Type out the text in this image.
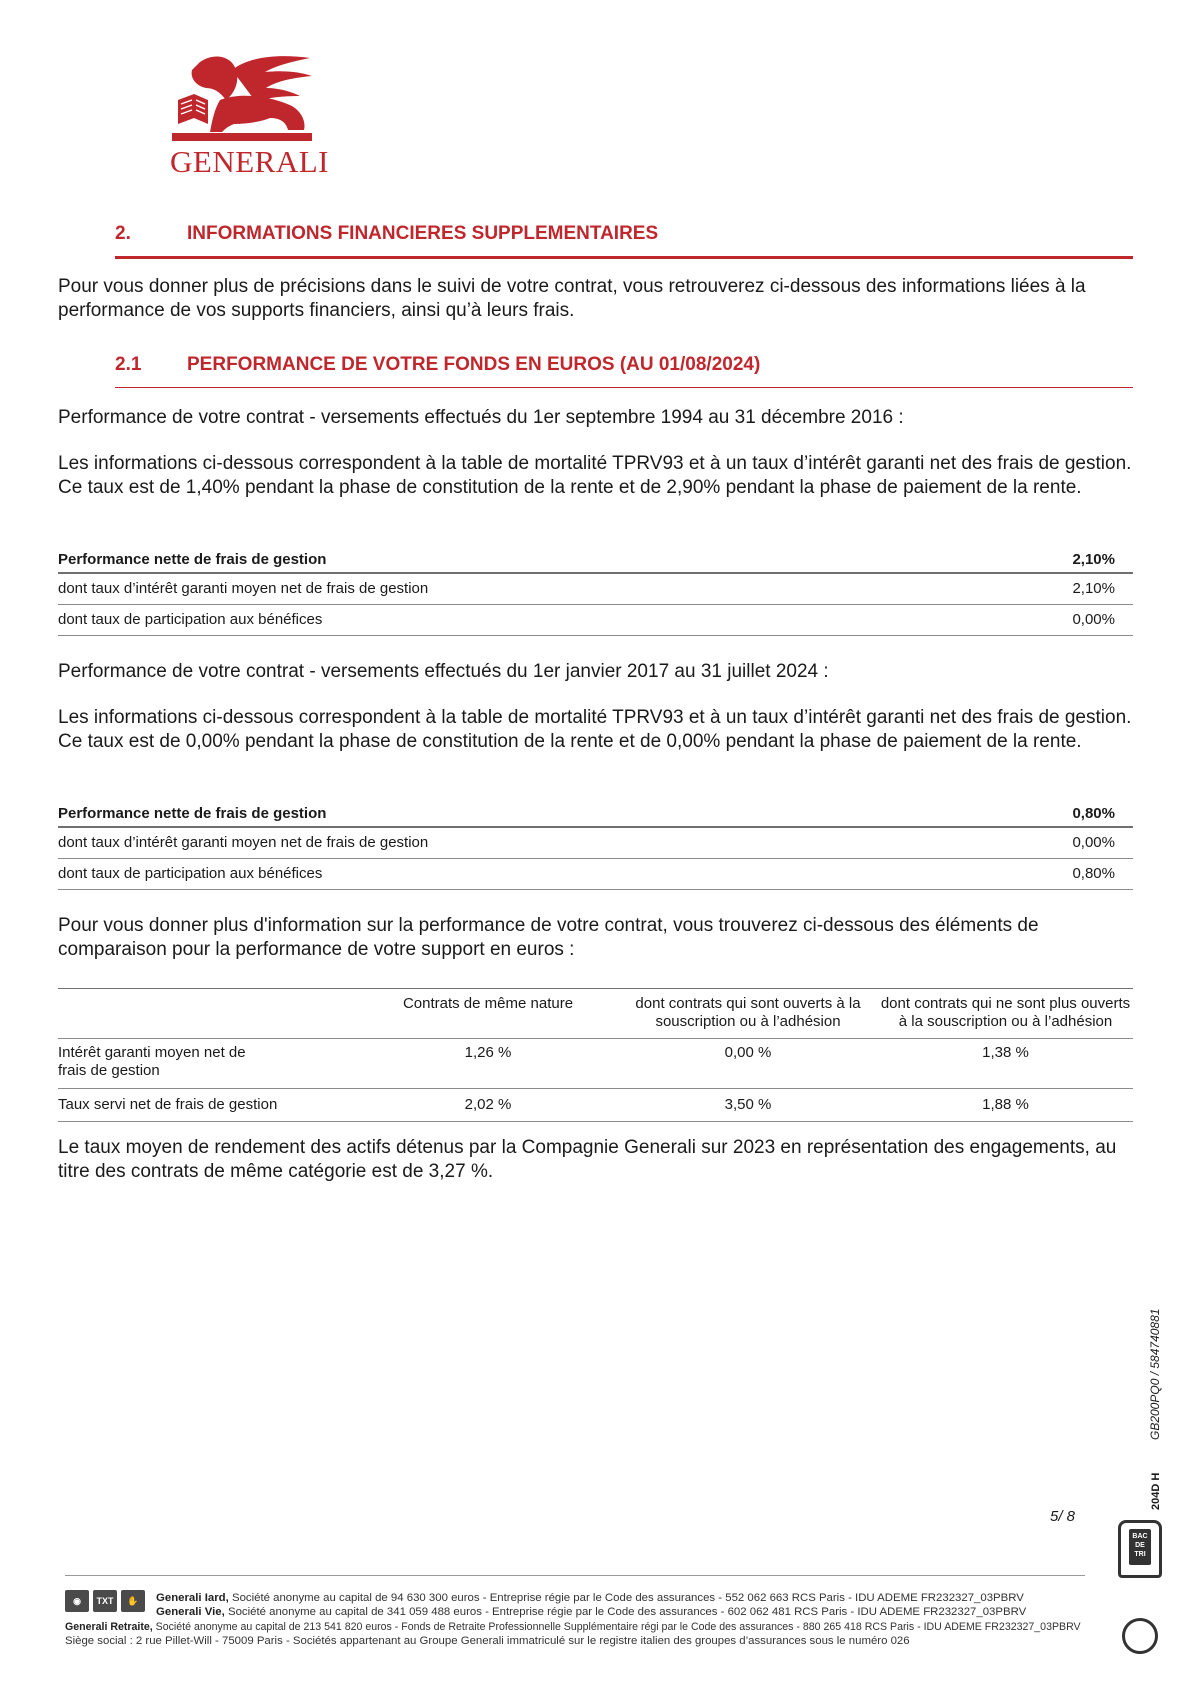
GENERALI
2.	INFORMATIONS FINANCIERES SUPPLEMENTAIRES
Pour vous donner plus de précisions dans le suivi de votre contrat, vous retrouverez ci-dessous des informations liées à la performance de vos supports financiers, ainsi qu’à leurs frais.
2.1 PERFORMANCE DE VOTRE FONDS EN EUROS (AU 01/08/2024)
Performance de votre contrat - versements effectués du 1er septembre 1994 au 31 décembre 2016 :
Les informations ci-dessous correspondent à la table de mortalité TPRV93 et à un taux d’intérêt garanti net des frais de gestion. Ce taux est de 1,40% pendant la phase de constitution de la rente et de 2,90% pendant la phase de paiement de la rente.
Performance nette de frais de gestion	2,10%
dont taux d’intérêt garanti moyen net de frais de gestion	2,10%
dont taux de participation aux bénéfices	0,00%
Performance de votre contrat - versements effectués du 1er janvier 2017 au 31 juillet 2024 :
Les informations ci-dessous correspondent à la table de mortalité TPRV93 et à un taux d’intérêt garanti net des frais de gestion. Ce taux est de 0,00% pendant la phase de constitution de la rente et de 0,00% pendant la phase de paiement de la rente.
Performance nette de frais de gestion	0,80%
dont taux d’intérêt garanti moyen net de frais de gestion	0,00%
dont taux de participation aux bénéfices	0,80%
Pour vous donner plus d'information sur la performance de votre contrat, vous trouverez ci-dessous des éléments de comparaison pour la performance de votre support en euros :
	Contrats de même nature	dont contrats qui sont ouverts à la souscription ou à l’adhésion	dont contrats qui ne sont plus ouverts à la souscription ou à l’adhésion
Intérêt garanti moyen net de frais de gestion	1,26 %	0,00 %	1,38 %
Taux servi net de frais de gestion	2,02 %	3,50 %	1,88 %
Le taux moyen de rendement des actifs détenus par la Compagnie Generali sur 2023 en représentation des engagements, au titre des contrats de même catégorie est de 3,27 %.
GB200PQ0 / 584740881
204D H
5/ 8
◉	TXT	✋	Generali Iard, Société anonyme au capital de 94 630 300 euros - Entreprise régie par le Code des assurances - 552 062 663 RCS Paris - IDU ADEME FR232327_03PBRV
Generali Vie, Société anonyme au capital de 341 059 488 euros - Entreprise régie par le Code des assurances - 602 062 481 RCS Paris - IDU ADEME FR232327_03PBRV
Generali Retraite, Société anonyme au capital de 213 541 820 euros - Fonds de Retraite Professionnelle Supplémentaire régi par le Code des assurances - 880 265 418 RCS Paris - IDU ADEME FR232327_03PBRV
Siège social : 2 rue Pillet-Will - 75009 Paris - Sociétés appartenant au Groupe Generali immatriculé sur le registre italien des groupes d’assurances sous le numéro 026
BAC DE TRI
